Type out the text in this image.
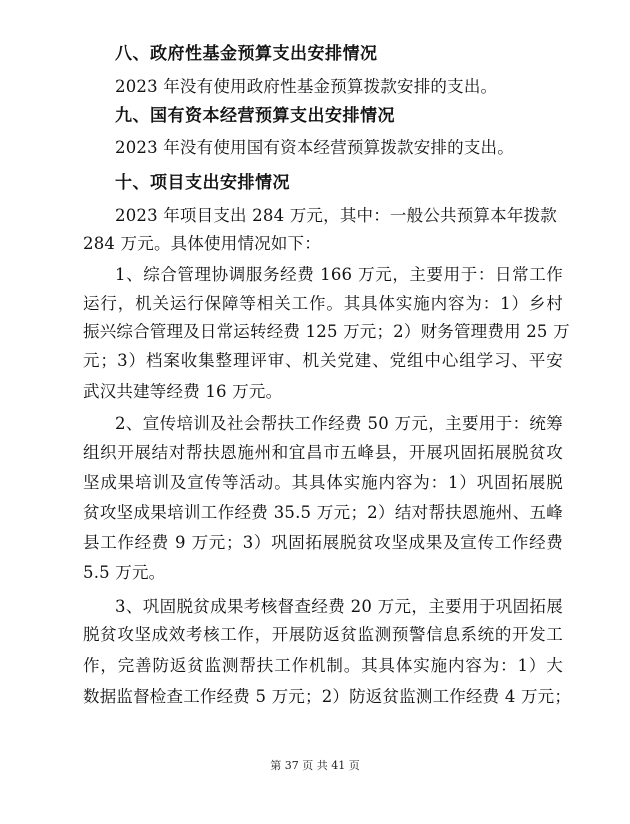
八、政府性基金预算支出安排情况
2023 年没有使用政府性基金预算拨款安排的支出。
九、国有资本经营预算支出安排情况
2023 年没有使用国有资本经营预算拨款安排的支出。
十、项目支出安排情况
2023 年项目支出 284 万元，其中：一般公共预算本年拨款
284 万元。具体使用情况如下：
1、综合管理协调服务经费 166 万元，主要用于：日常工作
运行，机关运行保障等相关工作。其具体实施内容为：1）乡村
振兴综合管理及日常运转经费 125 万元；2）财务管理费用 25 万
元；3）档案收集整理评审、机关党建、党组中心组学习、平安
武汉共建等经费 16 万元。
2、宣传培训及社会帮扶工作经费 50 万元，主要用于：统筹
组织开展结对帮扶恩施州和宜昌市五峰县，开展巩固拓展脱贫攻
坚成果培训及宣传等活动。其具体实施内容为：1）巩固拓展脱
贫攻坚成果培训工作经费 35.5 万元；2）结对帮扶恩施州、五峰
县工作经费 9 万元；3）巩固拓展脱贫攻坚成果及宣传工作经费
5.5 万元。
3、巩固脱贫成果考核督查经费 20 万元，主要用于巩固拓展
脱贫攻坚成效考核工作，开展防返贫监测预警信息系统的开发工
作，完善防返贫监测帮扶工作机制。其具体实施内容为：1）大
数据监督检查工作经费 5 万元；2）防返贫监测工作经费 4 万元；
第 37 页 共 41 页
